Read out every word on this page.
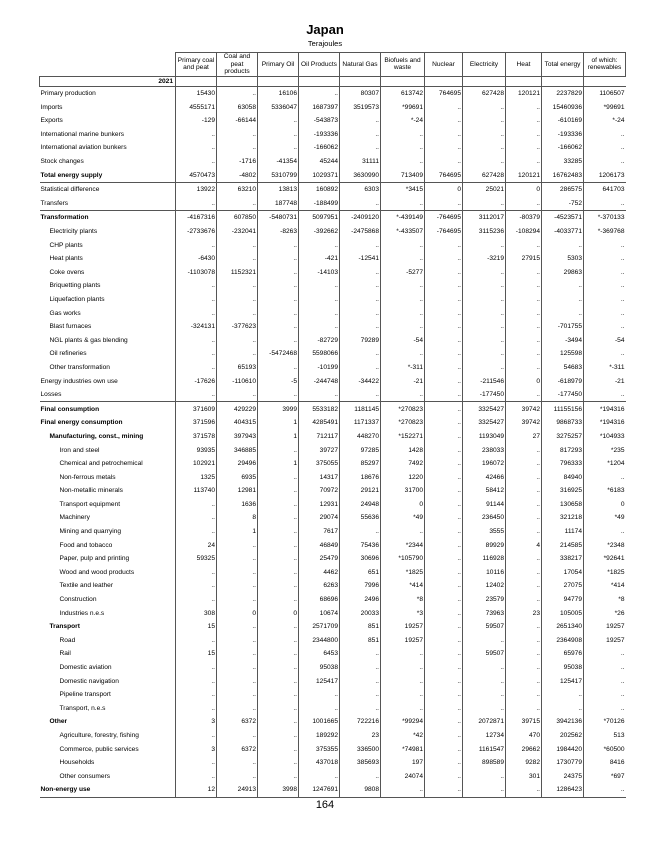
Japan
Terajoules
	Primary coal and peat	Coal and peat products	Primary Oil	Oil Products	Natural Gas	Biofuels and waste	Nuclear	Electricity	Heat	Total energy	of which: renewables
2021											
Primary production	15430	..	16106	..	80307	613742	764695	627428	120121	2237829	1106507
Imports	4555171	63058	5336047	1687397	3519573	*99691	..	..	..	15460936	*99691
Exports	-129	-66144	..	-543873	..	*-24	..	..	..	-610169	*-24
International marine bunkers	..	..	..	-193336	..	..	..	..	..	-193336	..
International aviation bunkers	..	..	..	-166062	..	..	..	..	..	-166062	..
Stock changes	..	-1716	-41354	45244	31111	..	..	..	..	33285	..
Total energy supply	4570473	-4802	5310799	1029371	3630990	713409	764695	627428	120121	16762483	1206173
Statistical difference	13922	63210	13813	160892	6303	*3415	0	25021	0	286575	641703
Transfers	..	..	187748	-188499	..	..	..	..	..	-752	..
Transformation	-4167316	607850	-5480731	5097951	-2409120	*-439149	-764695	3112017	-80379	-4523571	*-370133
Electricity plants	-2733676	-232041	-8263	-392662	-2475868	*-433507	-764695	3115236	-108294	-4033771	*-369768
CHP plants	..	..	..	..	..	..	..	..	..	..	..
Heat plants	-6430	..	..	-421	-12541	..	..	-3219	27915	5303	..
Coke ovens	-1103078	1152321	..	-14103	..	-5277	..	..	..	29863	..
Briquetting plants	..	..	..	..	..	..	..	..	..	..	..
Liquefaction plants	..	..	..	..	..	..	..	..	..	..	..
Gas works	..	..	..	..	..	..	..	..	..	..	..
Blast furnaces	-324131	-377623	..	..	..	..	..	..	..	-701755	..
NGL plants & gas blending	..	..	..	-82729	79289	-54	..	..	..	-3494	-54
Oil refineries	..	..	-5472468	5598066	..	..	..	..	..	125598	..
Other transformation	..	65193	..	-10199	..	*-311	..	..	..	54683	*-311
Energy industries own use	-17626	-110610	-5	-244748	-34422	-21	..	-211546	0	-618979	-21
Losses	..	..	..	..	..	..	..	-177450	..	-177450	..
Final consumption	371609	429229	3999	5533182	1181145	*270823	..	3325427	39742	11155156	*194316
Final energy consumption	371596	404315	1	4285491	1171337	*270823	..	3325427	39742	9868733	*194316
Manufacturing, const., mining	371578	397943	1	712117	448270	*152271	..	1193049	27	3275257	*104933
Iron and steel	93935	346885	..	39727	97285	1428	..	238033	..	817293	*235
Chemical and petrochemical	102921	29496	1	375055	85297	7492	..	196072	..	796333	*1204
Non-ferrous metals	1325	6935	..	14317	18676	1220	..	42466	..	84940	..
Non-metallic minerals	113740	12981	..	70972	29121	31700	..	58412	..	316925	*6183
Transport equipment	..	1636	..	12931	24948	0	..	91144	..	130658	0
Machinery	..	8	..	29074	55636	*49	..	236450	..	321218	*49
Mining and quarrying	..	1	..	7617	..	..	..	3555	..	11174	..
Food and tobacco	24	..	..	46849	75436	*2344	..	89929	4	214585	*2348
Paper, pulp and printing	59325	..	..	25479	30696	*105790	..	116928	..	338217	*92641
Wood and wood products	..	..	..	4462	651	*1825	..	10116	..	17054	*1825
Textile and leather	..	..	..	6263	7996	*414	..	12402	..	27075	*414
Construction	..	..	..	68696	2496	*8	..	23579	..	94779	*8
Industries n.e.s	308	0	0	10674	20033	*3	..	73963	23	105005	*26
Transport	15	..	..	2571709	851	19257	..	59507	..	2651340	19257
Road	..	..	..	2344800	851	19257	..	..	..	2364908	19257
Rail	15	..	..	6453	..	..	..	59507	..	65976	..
Domestic aviation	..	..	..	95038	..	..	..	..	..	95038	..
Domestic navigation	..	..	..	125417	..	..	..	..	..	125417	..
Pipeline transport	..	..	..	..	..	..	..	..	..	..	..
Transport, n.e.s	..	..	..	..	..	..	..	..	..	..	..
Other	3	6372	..	1001665	722216	*99294	..	2072871	39715	3942136	*70126
Agriculture, forestry, fishing	..	..	..	189292	23	*42	..	12734	470	202562	513
Commerce, public services	3	6372	..	375355	336500	*74981	..	1161547	29662	1984420	*60500
Households	..	..	..	437018	385693	197	..	898589	9282	1730779	8416
Other consumers	..	..	..	..	..	24074	..	..	301	24375	*697
Non-energy use	12	24913	3998	1247691	9808	..	..	..	..	1286423	..
164
